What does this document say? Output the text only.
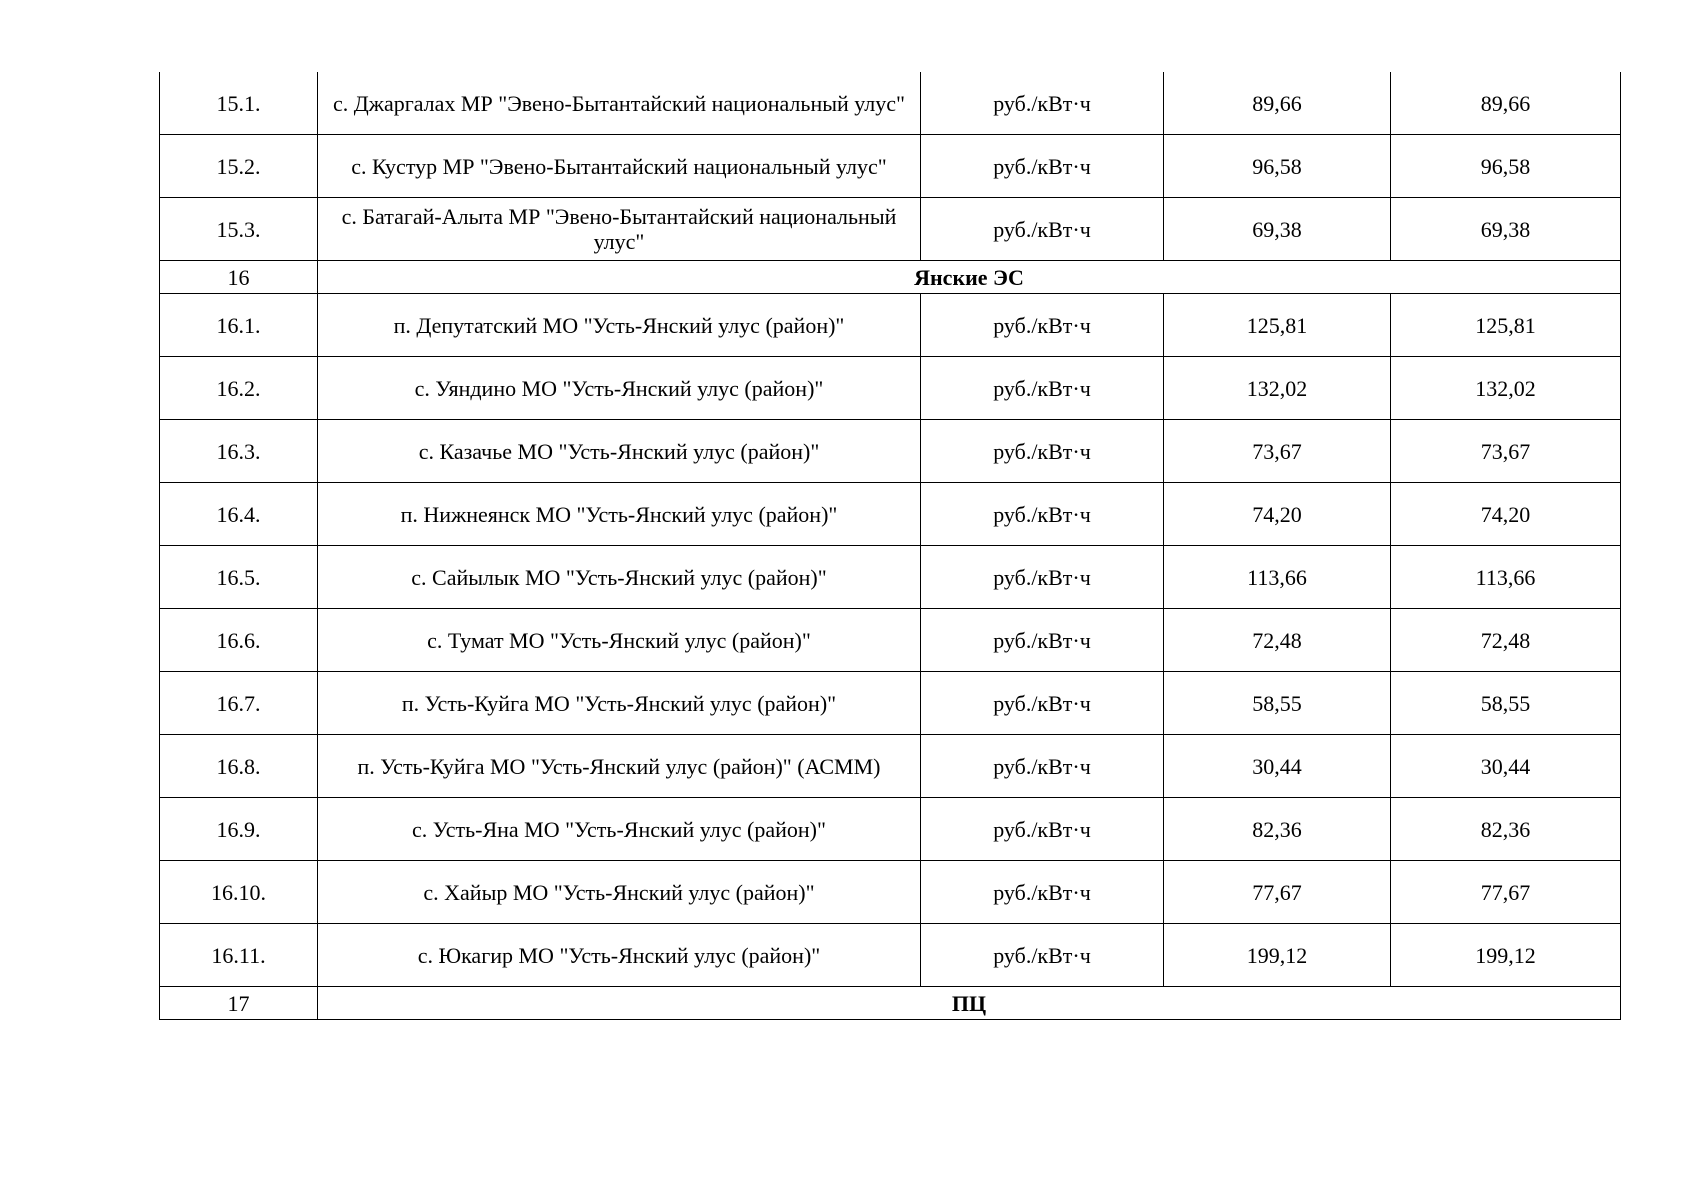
15.1.	с. Джаргалах МР "Эвено-Бытантайский национальный улус"	руб./кВт·ч	89,66	89,66
15.2.	с. Кустур МР "Эвено-Бытантайский национальный улус"	руб./кВт·ч	96,58	96,58
15.3.	с. Батагай-Алыта МР "Эвено-Бытантайский национальный улус"	руб./кВт·ч	69,38	69,38
16	Янские ЭС			
16.1.	п. Депутатский МО "Усть-Янский улус (район)"	руб./кВт·ч	125,81	125,81
16.2.	с. Уяндино МО "Усть-Янский улус (район)"	руб./кВт·ч	132,02	132,02
16.3.	с. Казачье МО "Усть-Янский улус (район)"	руб./кВт·ч	73,67	73,67
16.4.	п. Нижнеянск МО "Усть-Янский улус (район)"	руб./кВт·ч	74,20	74,20
16.5.	с. Сайылык МО "Усть-Янский улус (район)"	руб./кВт·ч	113,66	113,66
16.6.	с. Тумат МО "Усть-Янский улус (район)"	руб./кВт·ч	72,48	72,48
16.7.	п. Усть-Куйга МО "Усть-Янский улус (район)"	руб./кВт·ч	58,55	58,55
16.8.	п. Усть-Куйга МО "Усть-Янский улус (район)" (АСММ)	руб./кВт·ч	30,44	30,44
16.9.	с. Усть-Яна МО "Усть-Янский улус (район)"	руб./кВт·ч	82,36	82,36
16.10.	с. Хайыр МО "Усть-Янский улус (район)"	руб./кВт·ч	77,67	77,67
16.11.	с. Юкагир МО "Усть-Янский улус (район)"	руб./кВт·ч	199,12	199,12
17	ПЦ			
